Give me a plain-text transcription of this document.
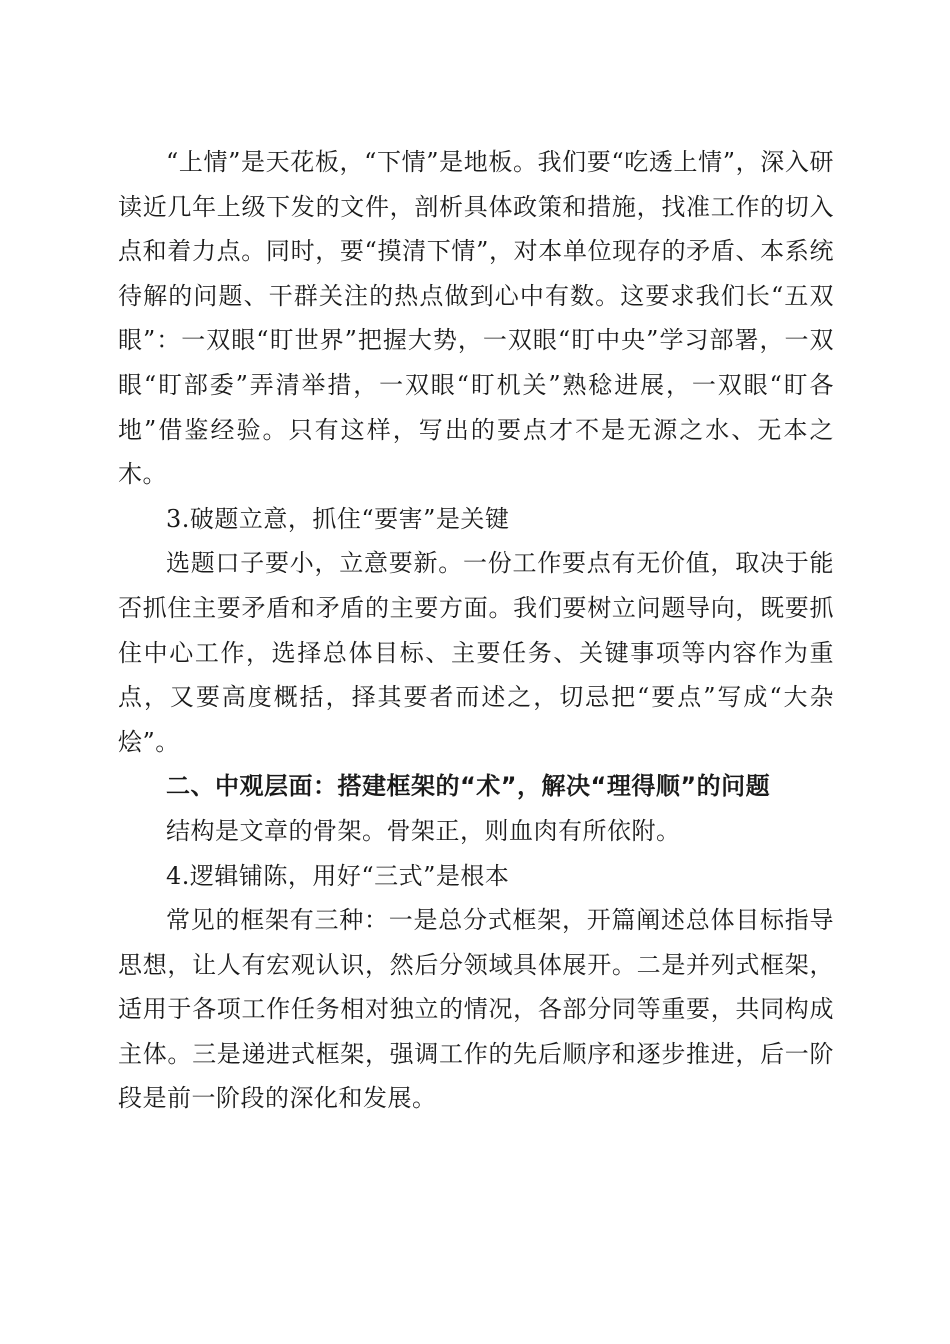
“上情”是天花板，“下情”是地板。我们要“吃透上情”，深入研读近几年上级下发的文件，剖析具体政策和措施，找准工作的切入点和着力点。同时，要“摸清下情”，对本单位现存的矛盾、本系统待解的问题、干群关注的热点做到心中有数。这要求我们长“五双眼”：一双眼“盯世界”把握大势，一双眼“盯中央”学习部署，一双眼“盯部委”弄清举措，一双眼“盯机关”熟稔进展，一双眼“盯各地”借鉴经验。只有这样，写出的要点才不是无源之水、无本之木。

3.破题立意，抓住“要害”是关键

选题口子要小，立意要新。一份工作要点有无价值，取决于能否抓住主要矛盾和矛盾的主要方面。我们要树立问题导向，既要抓住中心工作，选择总体目标、主要任务、关键事项等内容作为重点，又要高度概括，择其要者而述之，切忌把“要点”写成“大杂烩”。

二、中观层面：搭建框架的“术”，解决“理得顺”的问题

结构是文章的骨架。骨架正，则血肉有所依附。

4.逻辑铺陈，用好“三式”是根本

常见的框架有三种：一是总分式框架，开篇阐述总体目标指导思想，让人有宏观认识，然后分领域具体展开。二是并列式框架，适用于各项工作任务相对独立的情况，各部分同等重要，共同构成主体。三是递进式框架，强调工作的先后顺序和逐步推进，后一阶段是前一阶段的深化和发展。
